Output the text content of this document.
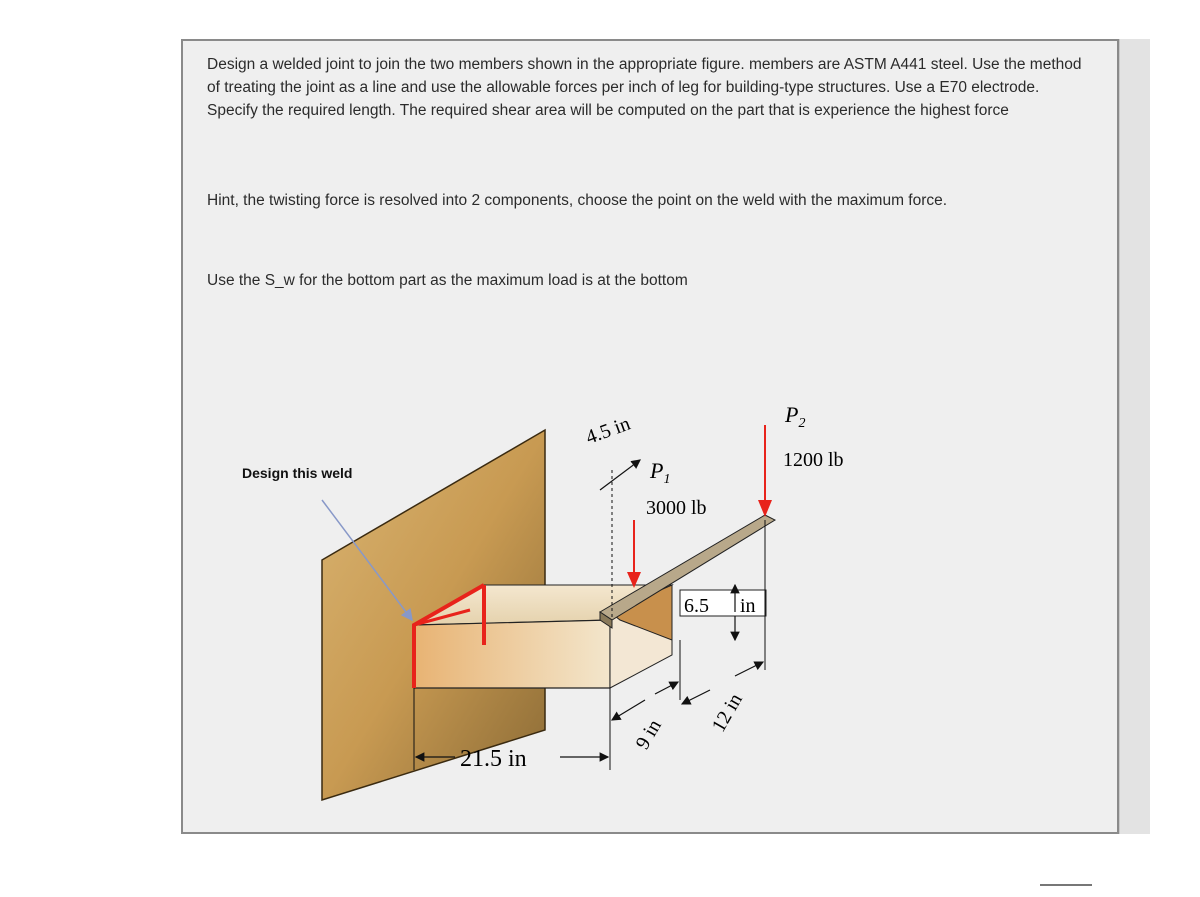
Design a welded joint to join the two members shown in the appropriate figure. members are ASTM A441 steel. Use the method of treating the joint as a line and use the allowable forces per inch of leg for building-type structures. Use a E70 electrode. Specify the required length. The required shear area will be computed on the part that is experience the highest force

Hint, the twisting force is resolved into 2 components, choose the point on the weld with the maximum force.

Use the S_w for the bottom part as the maximum load is at the bottom

Design this weld
4.5 in
$P_1$
3000 lb
$P_2$
1200 lb
6.5 in
21.5 in
9 in 12 in
